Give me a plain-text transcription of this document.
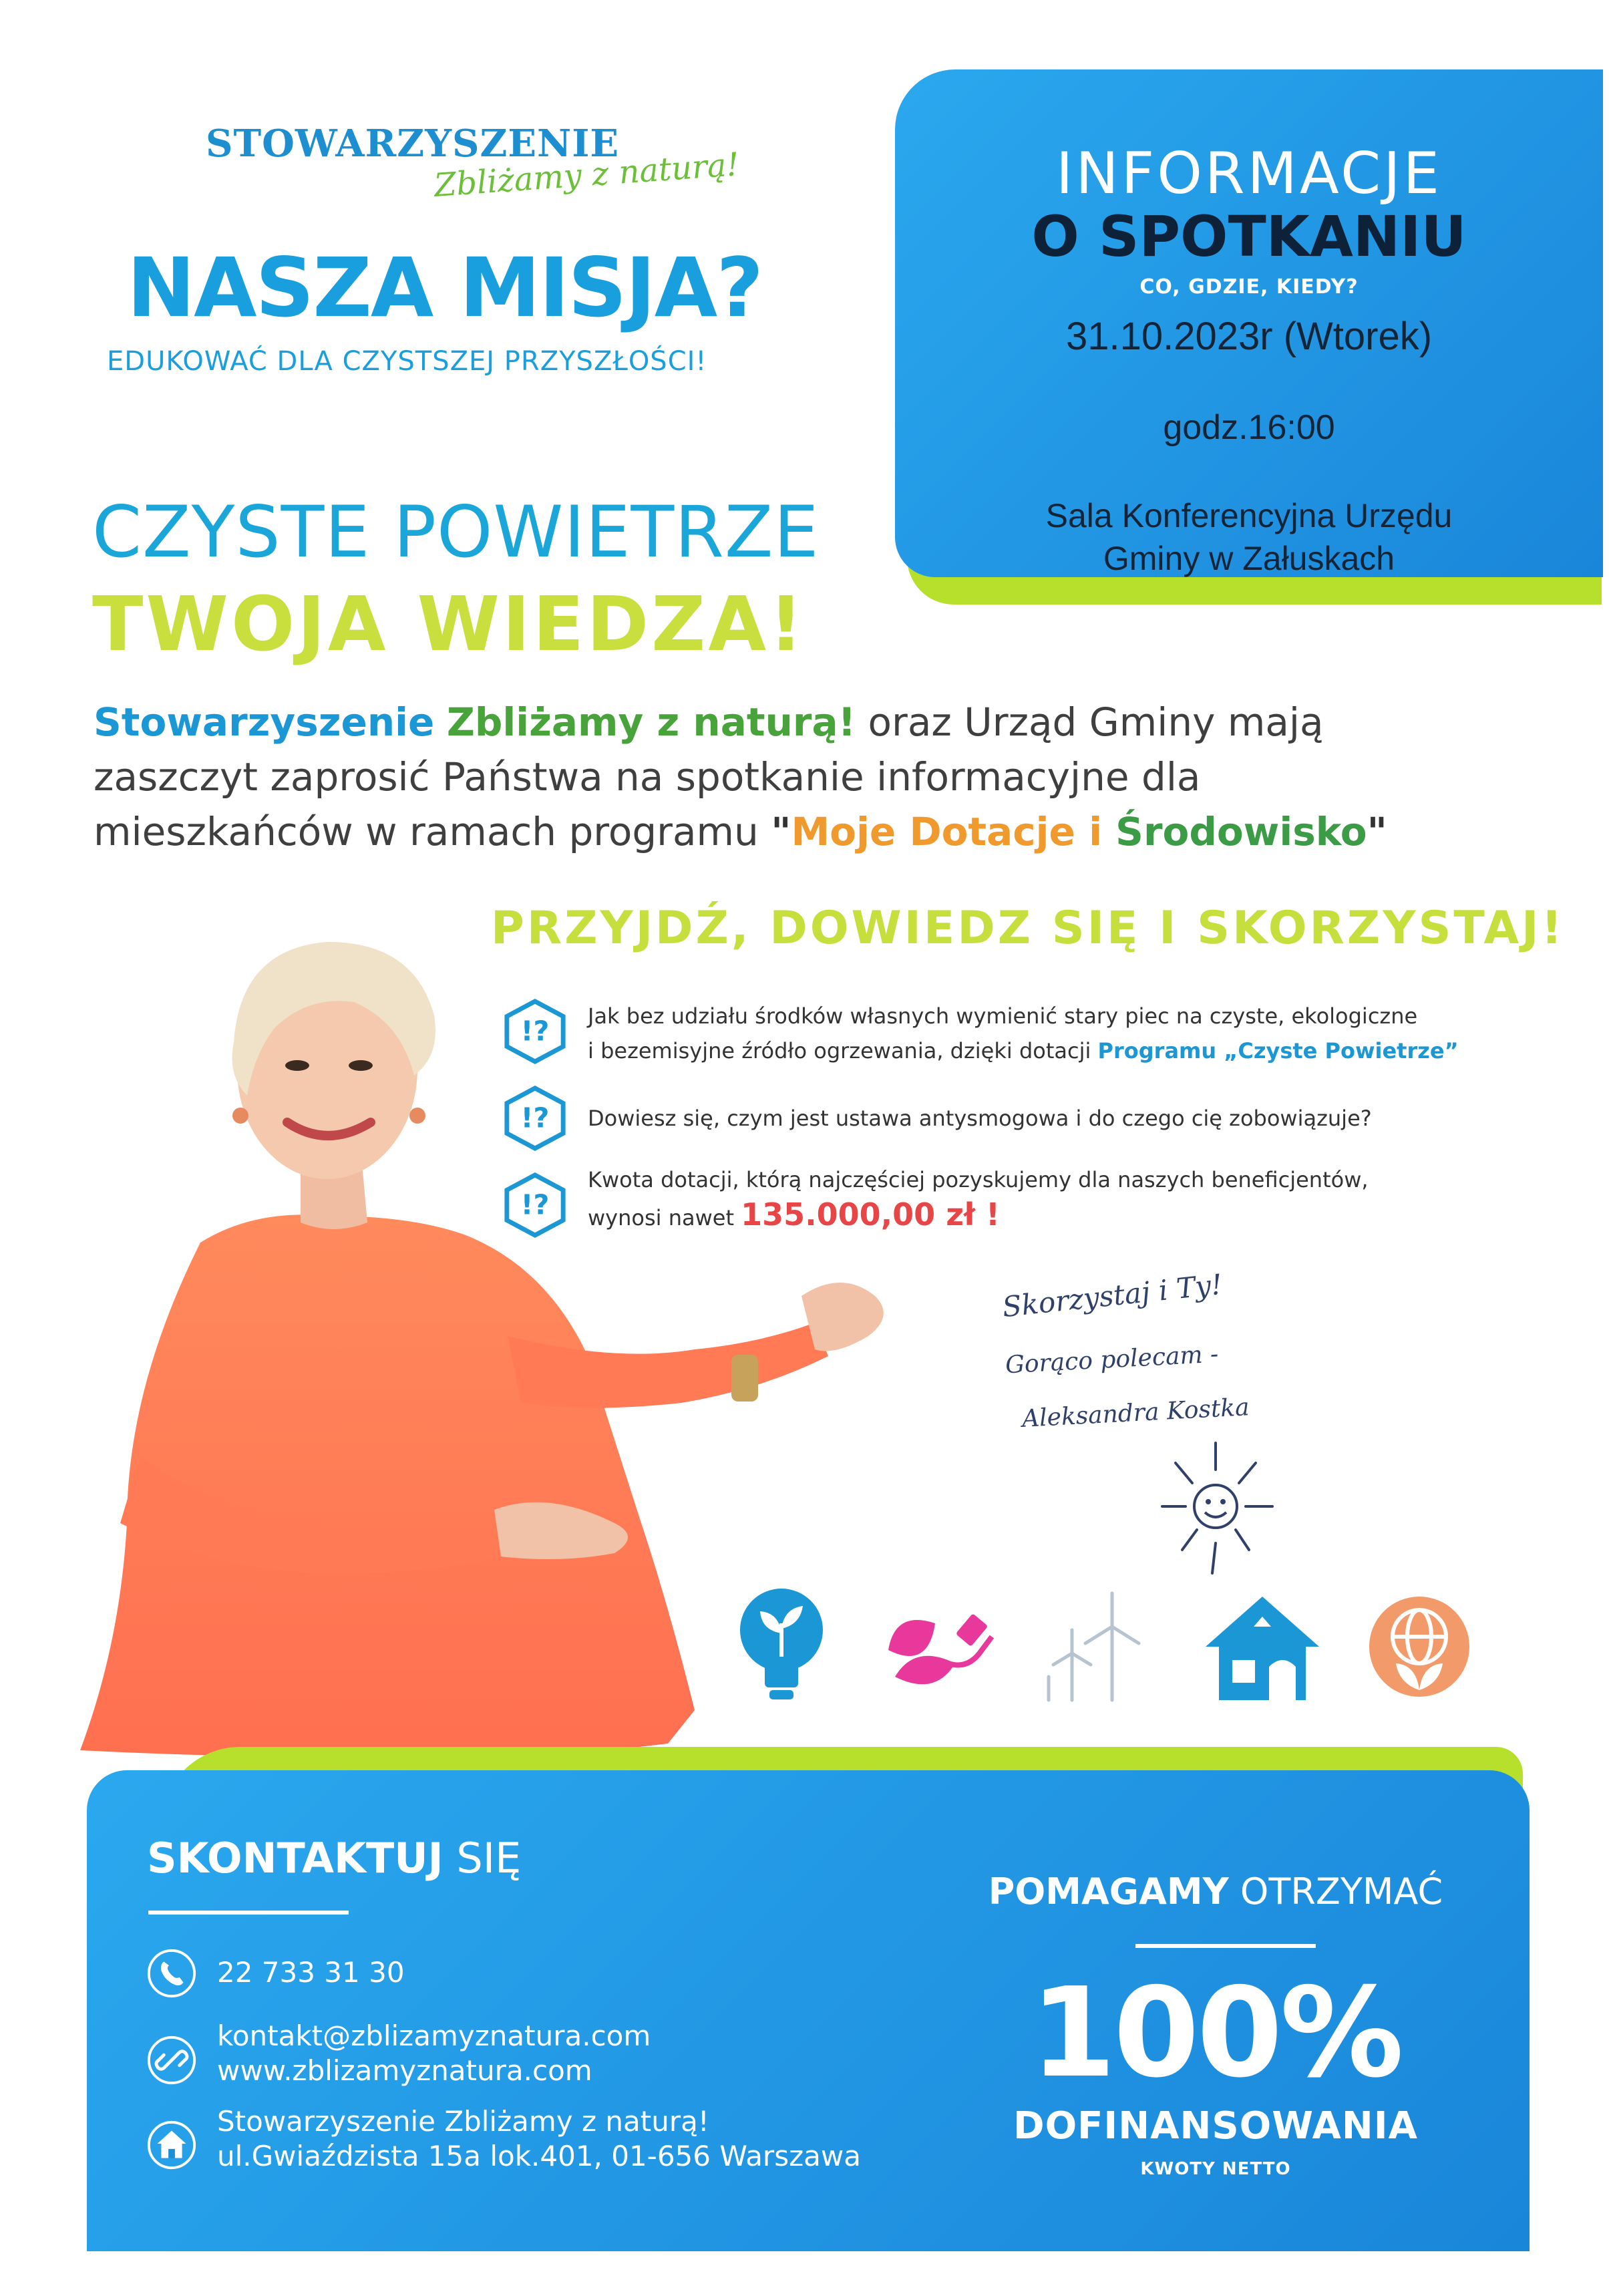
STOWARZYSZENIE
Zbliżamy z naturą!
NASZA MISJA?
EDUKOWAĆ DLA CZYSTSZEJ PRZYSZŁOŚCI!
CZYSTE POWIETRZE
TWOJA WIEDZA!
INFORMACJE
O SPOTKANIU
CO, GDZIE, KIEDY?
31.10.2023r (Wtorek)
godz.16:00
Sala Konferencyjna Urzędu
Gminy w Załuskach
Stowarzyszenie Zbliżamy z naturą! oraz Urząd Gminy mają
zaszczyt zaprosić Państwa na spotkanie informacyjne dla
mieszkańców w ramach programu "Moje Dotacje i Środowisko"
PRZYJDŹ, DOWIEDZ SIĘ I SKORZYSTAJ!
!? Jak bez udziału środków własnych wymienić stary piec na czyste, ekologiczne
i bezemisyjne źródło ogrzewania, dzięki dotacji Programu „Czyste Powietrze”
!? Dowiesz się, czym jest ustawa antysmogowa i do czego cię zobowiązuje?
!?
Kwota dotacji, którą najczęściej pozyskujemy dla naszych beneficjentów,
wynosi nawet 135.000,00 zł !
Skorzystaj i Ty!
Gorąco polecam -
Aleksandra Kostka
SKONTAKTUJ SIĘ
22 733 31 30
kontakt@zblizamyznatura.com
www.zblizamyznatura.com
Stowarzyszenie Zbliżamy z naturą!
ul.Gwiaździsta 15a lok.401, 01-656 Warszawa
POMAGAMY OTRZYMAĆ
100%
DOFINANSOWANIA
KWOTY NETTO
